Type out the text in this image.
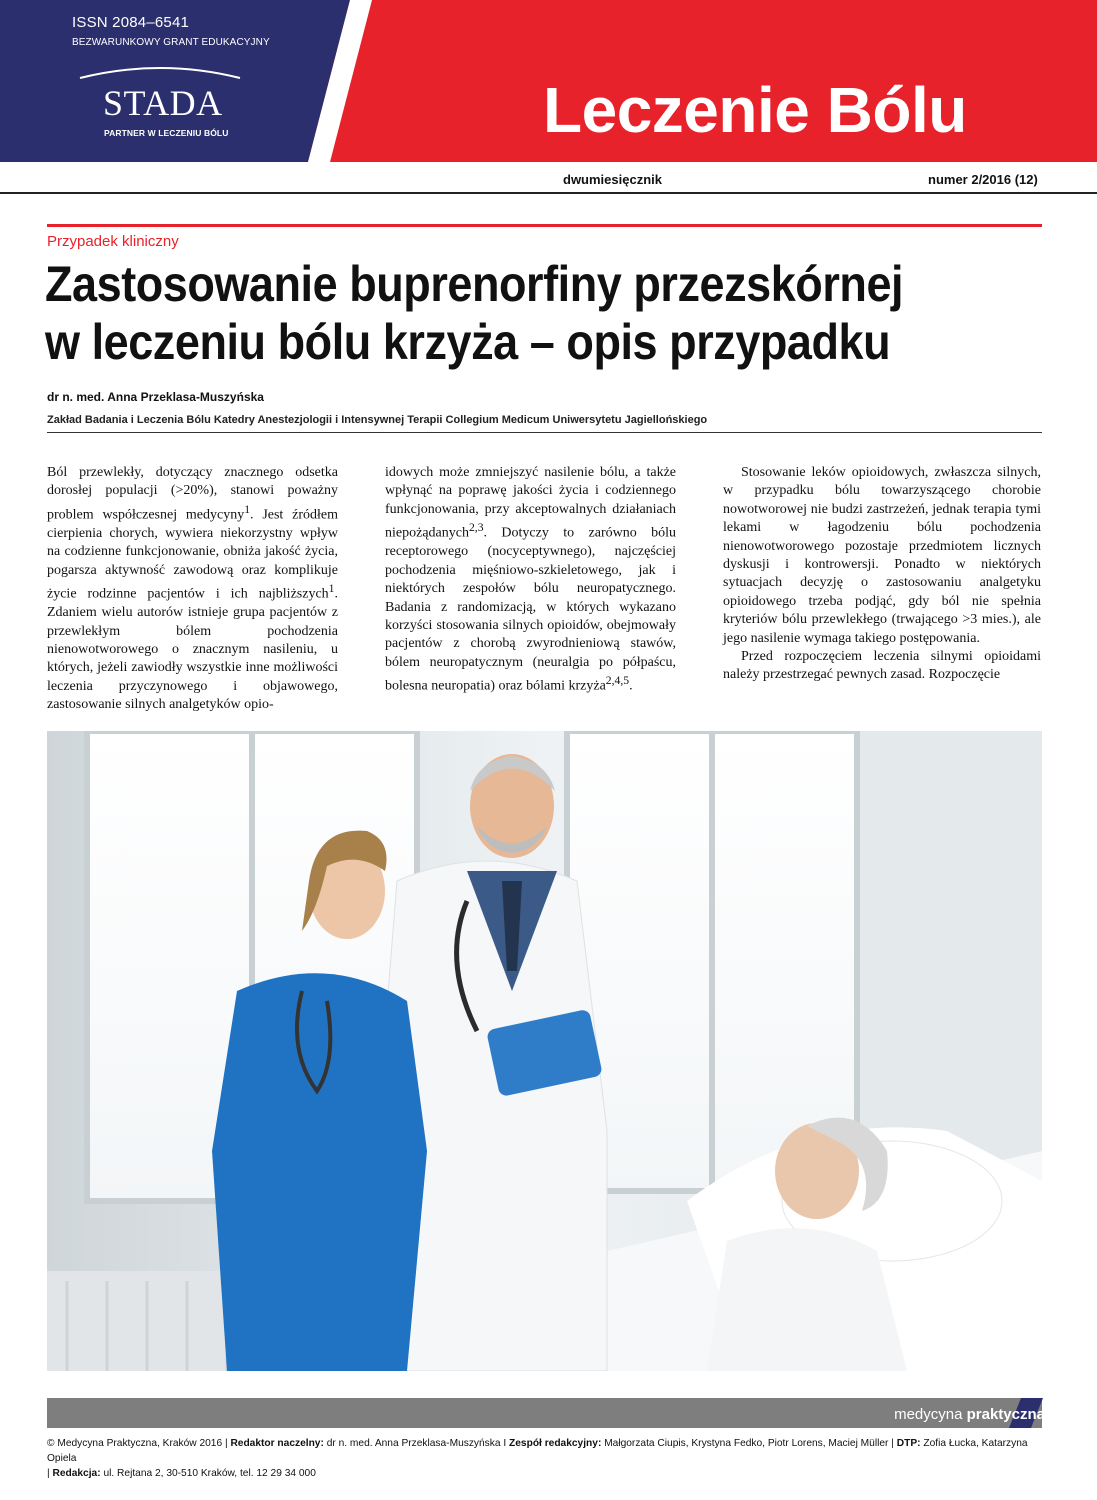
ISSN 2084–6541
BEZWARUNKOWY GRANT EDUKACYJNY
STADA
PARTNER W LECZENIU BÓLU	Leczenie Bólu
dwumiesięcznik	numer 2/2016 (12)
Przypadek kliniczny
Zastosowanie buprenorfiny przezskórnej
w leczeniu bólu krzyża – opis przypadku
dr n. med. Anna Przeklasa-Muszyńska
Zakład Badania i Leczenia Bólu Katedry Anestezjologii i Intensywnej Terapii Collegium Medicum Uniwersytetu Jagiellońskiego

Ból przewlekły, dotyczący znacznego odsetka dorosłej populacji (>20%), stanowi poważny problem współczesnej medycyny$^1$. Jest źródłem cierpienia chorych, wywiera niekorzystny wpływ na codzienne funkcjonowanie, obniża jakość życia, pogarsza aktywność zawodową oraz komplikuje życie rodzinne pacjentów i ich najbliższych$^1$. Zdaniem wielu autorów istnieje grupa pacjentów z przewlekłym bólem pochodzenia nienowotworowego o znacznym nasileniu, u których, jeżeli zawiodły wszystkie inne możliwości leczenia przyczynowego i objawowego, zastosowanie silnych analgetyków opio-

idowych może zmniejszyć nasilenie bólu, a także wpłynąć na poprawę jakości życia i codziennego funkcjonowania, przy akceptowalnych działaniach niepożądanych$^{2,3}$. Dotyczy to zarówno bólu receptorowego (nocyceptywnego), najczęściej pochodzenia mięśniowo-szkieletowego, jak i niektórych zespołów bólu neuropatycznego. Badania z randomizacją, w których wykazano korzyści stosowania silnych opioidów, obejmowały pacjentów z chorobą zwyrodnieniową stawów, bólem neuropatycznym (neuralgia po półpaścu, bolesna neuropatia) oraz bólami krzyża$^{2,4,5}$.

Stosowanie leków opioidowych, zwłaszcza silnych, w przypadku bólu towarzyszącego chorobie nowotworowej nie budzi zastrzeżeń, jednak terapia tymi lekami w łagodzeniu bólu pochodzenia nienowotworowego pozostaje przedmiotem licznych dyskusji i kontrowersji. Ponadto w niektórych sytuacjach decyzję o zastosowaniu analgetyku opioidowego trzeba podjąć, gdy ból nie spełnia kryteriów bólu przewlekłego (trwającego >3 mies.), ale jego nasilenie wymaga takiego postępowania.

Przed rozpoczęciem leczenia silnymi opioidami należy przestrzegać pewnych zasad. Rozpoczęcie

medycyna praktyczna
© Medycyna Praktyczna, Kraków 2016 | Redaktor naczelny: dr n. med. Anna Przeklasa-Muszyńska I Zespół redakcyjny: Małgorzata Ciupis, Krystyna Fedko, Piotr Lorens, Maciej Müller | DTP: Zofia Łucka, Katarzyna Opiela
| Redakcja: ul. Rejtana 2, 30-510 Kraków, tel. 12 29 34 000
